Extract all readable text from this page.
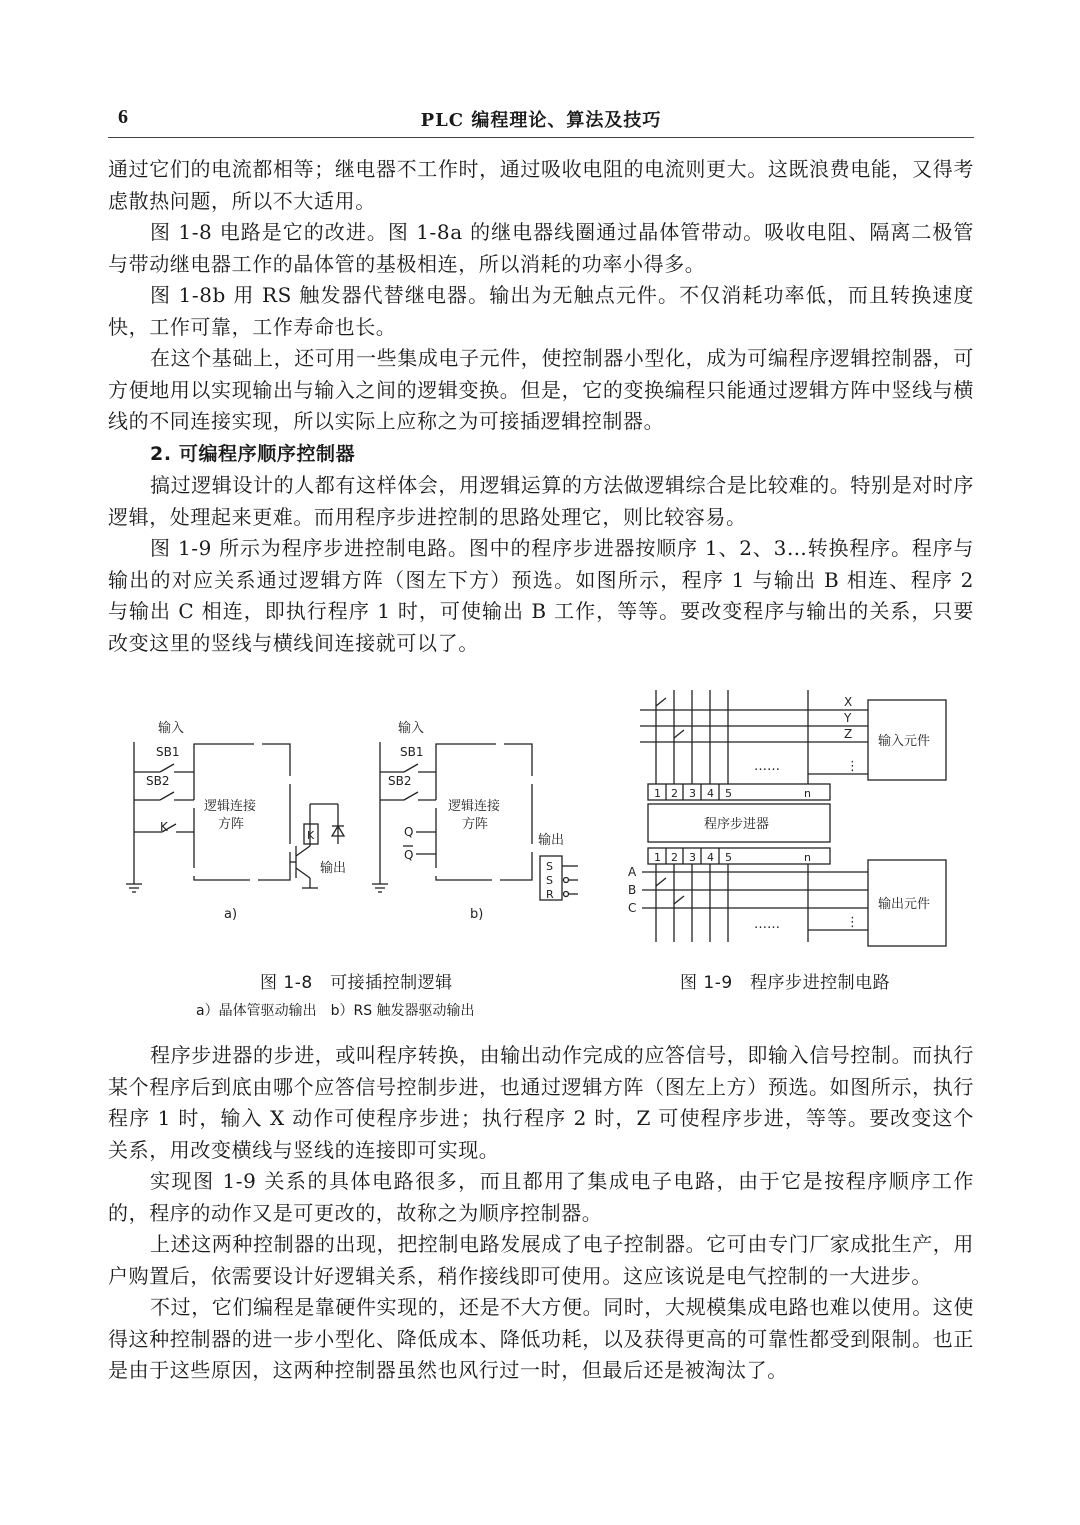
6	PLC 编程理论、算法及技巧

通过它们的电流都相等；继电器不工作时，通过吸收电阻的电流则更大。这既浪费电能，又得考虑散热问题，所以不大适用。

图 1-8 电路是它的改进。图 1-8a 的继电器线圈通过晶体管带动。吸收电阻、隔离二极管与带动继电器工作的晶体管的基极相连，所以消耗的功率小得多。

图 1-8b 用 RS 触发器代替继电器。输出为无触点元件。不仅消耗功率低，而且转换速度快，工作可靠，工作寿命也长。

在这个基础上，还可用一些集成电子元件，使控制器小型化，成为可编程序逻辑控制器，可方便地用以实现输出与输入之间的逻辑变换。但是，它的变换编程只能通过逻辑方阵中竖线与横线的不同连接实现，所以实际上应称之为可接插逻辑控制器。

2. 可编程序顺序控制器

搞过逻辑设计的人都有这样体会，用逻辑运算的方法做逻辑综合是比较难的。特别是对时序逻辑，处理起来更难。而用程序步进控制的思路处理它，则比较容易。

图 1-9 所示为程序步进控制电路。图中的程序步进器按顺序 1、2、3…转换程序。程序与输出的对应关系通过逻辑方阵（图左下方）预选。如图所示，程序 1 与输出 B 相连、程序 2 与输出 C 相连，即执行程序 1 时，可使输出 B 工作，等等。要改变程序与输出的关系，只要改变这里的竖线与横线间连接就可以了。

输入
SB1
SB2
K
逻辑连接
方阵
K
输出
a)
输入
SB1
SB2
逻辑连接
方阵
Q
Q
输出
S
S
R
b)
X
Y
Z
……	⋮
输入元件
1 2 3 4 5	n
程序步进器
1 2 3 4 5	n
A
B
C
……	⋮
输出元件
图 1-8　可接插控制逻辑
a）晶体管驱动输出　b）RS 触发器驱动输出
图 1-9　程序步进控制电路

程序步进器的步进，或叫程序转换，由输出动作完成的应答信号，即输入信号控制。而执行某个程序后到底由哪个应答信号控制步进，也通过逻辑方阵（图左上方）预选。如图所示，执行程序 1 时，输入 X 动作可使程序步进；执行程序 2 时，Z 可使程序步进，等等。要改变这个关系，用改变横线与竖线的连接即可实现。

实现图 1-9 关系的具体电路很多，而且都用了集成电子电路，由于它是按程序顺序工作的，程序的动作又是可更改的，故称之为顺序控制器。

上述这两种控制器的出现，把控制电路发展成了电子控制器。它可由专门厂家成批生产，用户购置后，依需要设计好逻辑关系，稍作接线即可使用。这应该说是电气控制的一大进步。

不过，它们编程是靠硬件实现的，还是不大方便。同时，大规模集成电路也难以使用。这使得这种控制器的进一步小型化、降低成本、降低功耗，以及获得更高的可靠性都受到限制。也正是由于这些原因，这两种控制器虽然也风行过一时，但最后还是被淘汰了。
